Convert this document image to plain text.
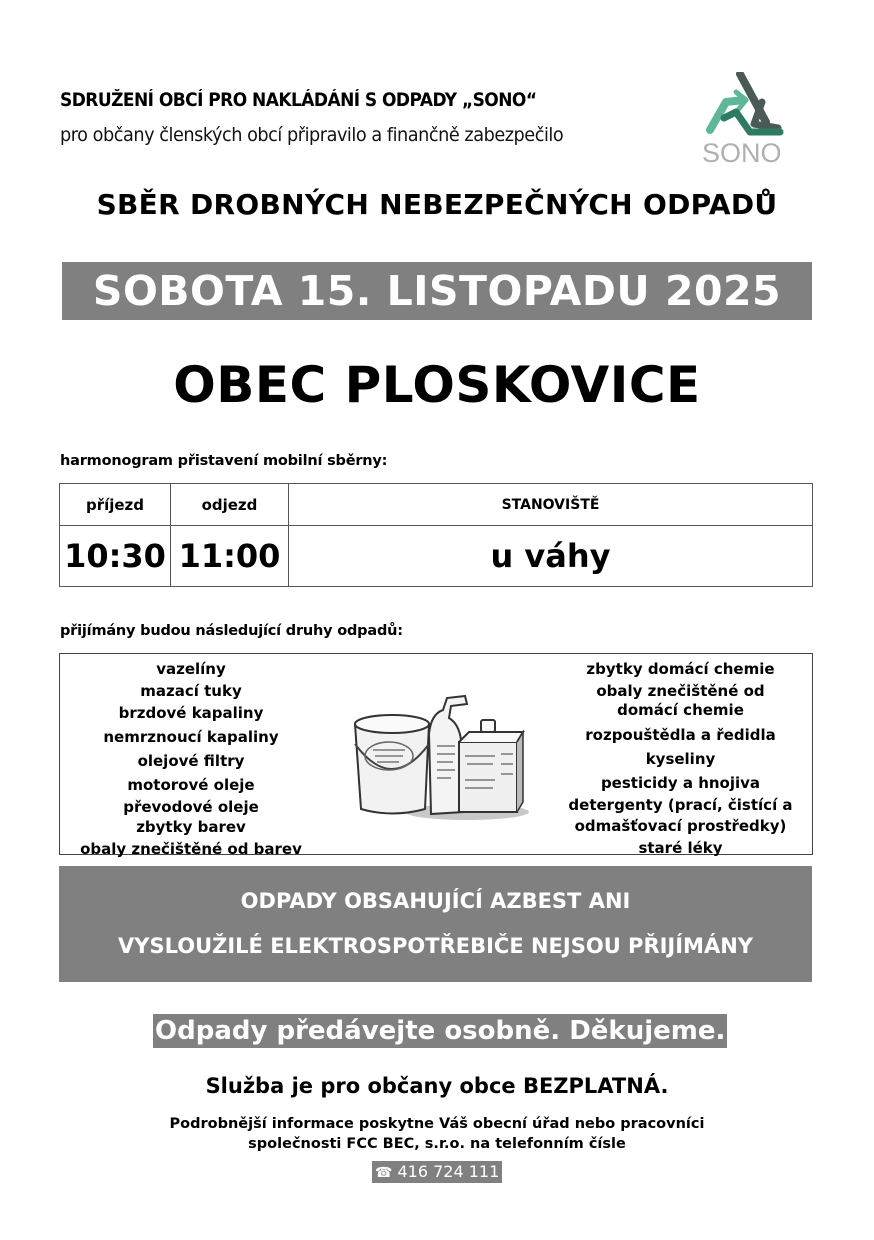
SDRUŽENÍ OBCÍ PRO NAKLÁDÁNÍ S ODPADY „SONO“
pro občany členských obcí připravilo a finančně zabezpečilo
SONO
SBĚR DROBNÝCH NEBEZPEČNÝCH ODPADŮ
SOBOTA 15. LISTOPADU 2025
OBEC PLOSKOVICE
harmonogram přistavení mobilní sběrny:
příjezd	odjezd	STANOVIŠTĚ
10:30	11:00	u váhy
přijímány budou následující druhy odpadů:
vazelíny
mazací tuky
brzdové kapaliny
nemrznoucí kapaliny
olejové filtry
motorové oleje
převodové oleje
zbytky barev
obaly znečištěné od barev
zbytky domácí chemie
obaly znečištěné od
domácí chemie
rozpouštědla a ředidla
kyseliny
pesticidy a hnojiva
detergenty (prací, čistící a
odmašťovací prostředky)
staré léky
ODPADY OBSAHUJÍCÍ AZBEST ANI
VYSLOUŽILÉ ELEKTROSPOTŘEBIČE NEJSOU PŘIJÍMÁNY
Odpady předávejte osobně. Děkujeme.
Služba je pro občany obce BEZPLATNÁ.
Podrobnější informace poskytne Váš obecní úřad nebo pracovníci
společnosti FCC BEC, s.r.o. na telefonním čísle
☎ 416 724 111
